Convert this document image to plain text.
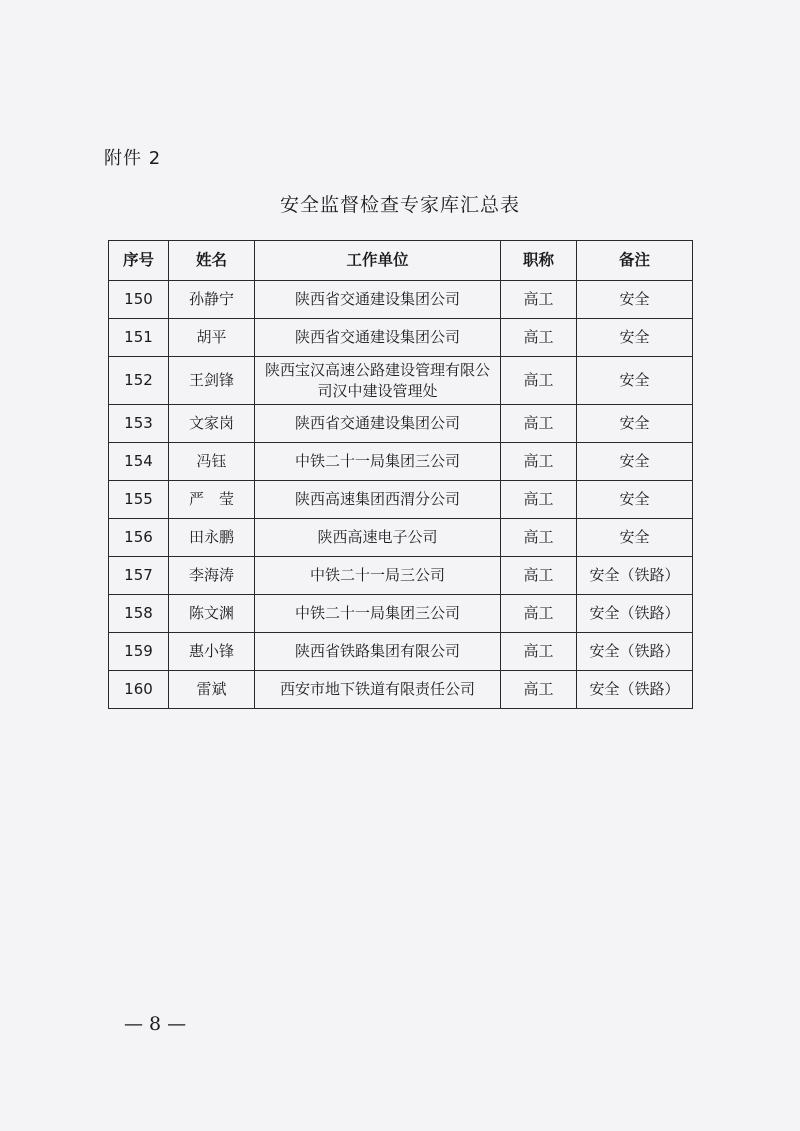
附件 2
安全监督检查专家库汇总表
序号	姓名	工作单位	职称	备注
150	孙静宁	陕西省交通建设集团公司	高工	安全
151	胡平	陕西省交通建设集团公司	高工	安全
152	王剑锋	陕西宝汉高速公路建设管理有限公司汉中建设管理处	高工	安全
153	文家岗	陕西省交通建设集团公司	高工	安全
154	冯钰	中铁二十一局集团三公司	高工	安全
155	严　莹	陕西高速集团西渭分公司	高工	安全
156	田永鹏	陕西高速电子公司	高工	安全
157	李海涛	中铁二十一局三公司	高工	安全（铁路）
158	陈文渊	中铁二十一局集团三公司	高工	安全（铁路）
159	惠小锋	陕西省铁路集团有限公司	高工	安全（铁路）
160	雷斌	西安市地下铁道有限责任公司	高工	安全（铁路）
— 8 —
